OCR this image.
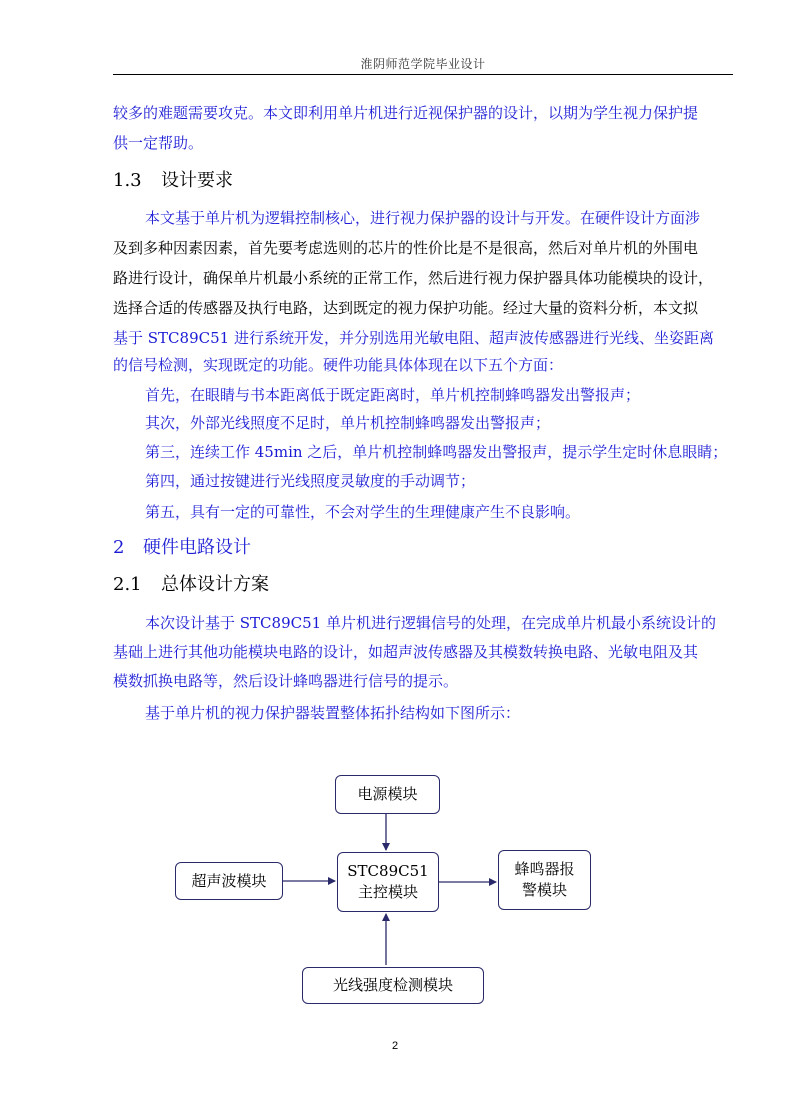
淮阴师范学院毕业设计
较多的难题需要攻克。本文即利用单片机进行近视保护器的设计，以期为学生视力保护提
供一定帮助。
1.3 设计要求
本文基于单片机为逻辑控制核心，进行视力保护器的设计与开发。在硬件设计方面涉
及到多种因素因素，首先要考虑选则的芯片的性价比是不是很高，然后对单片机的外围电
路进行设计，确保单片机最小系统的正常工作，然后进行视力保护器具体功能模块的设计，
选择合适的传感器及执行电路，达到既定的视力保护功能。经过大量的资料分析，本文拟
基于 STC89C51 进行系统开发，并分别选用光敏电阻、超声波传感器进行光线、坐姿距离
的信号检测，实现既定的功能。硬件功能具体体现在以下五个方面：
首先，在眼睛与书本距离低于既定距离时，单片机控制蜂鸣器发出警报声；
其次，外部光线照度不足时，单片机控制蜂鸣器发出警报声；
第三，连续工作 45min 之后，单片机控制蜂鸣器发出警报声，提示学生定时休息眼睛；
第四，通过按键进行光线照度灵敏度的手动调节；
第五，具有一定的可靠性，不会对学生的生理健康产生不良影响。
2 硬件电路设计
2.1 总体设计方案
本次设计基于 STC89C51 单片机进行逻辑信号的处理，在完成单片机最小系统设计的
基础上进行其他功能模块电路的设计，如超声波传感器及其模数转换电路、光敏电阻及其
模数抓换电路等，然后设计蜂鸣器进行信号的提示。
基于单片机的视力保护器装置整体拓扑结构如下图所示：
电源模块
超声波模块
STC89C51
主控模块
蜂鸣器报
警模块
光线强度检测模块
2
